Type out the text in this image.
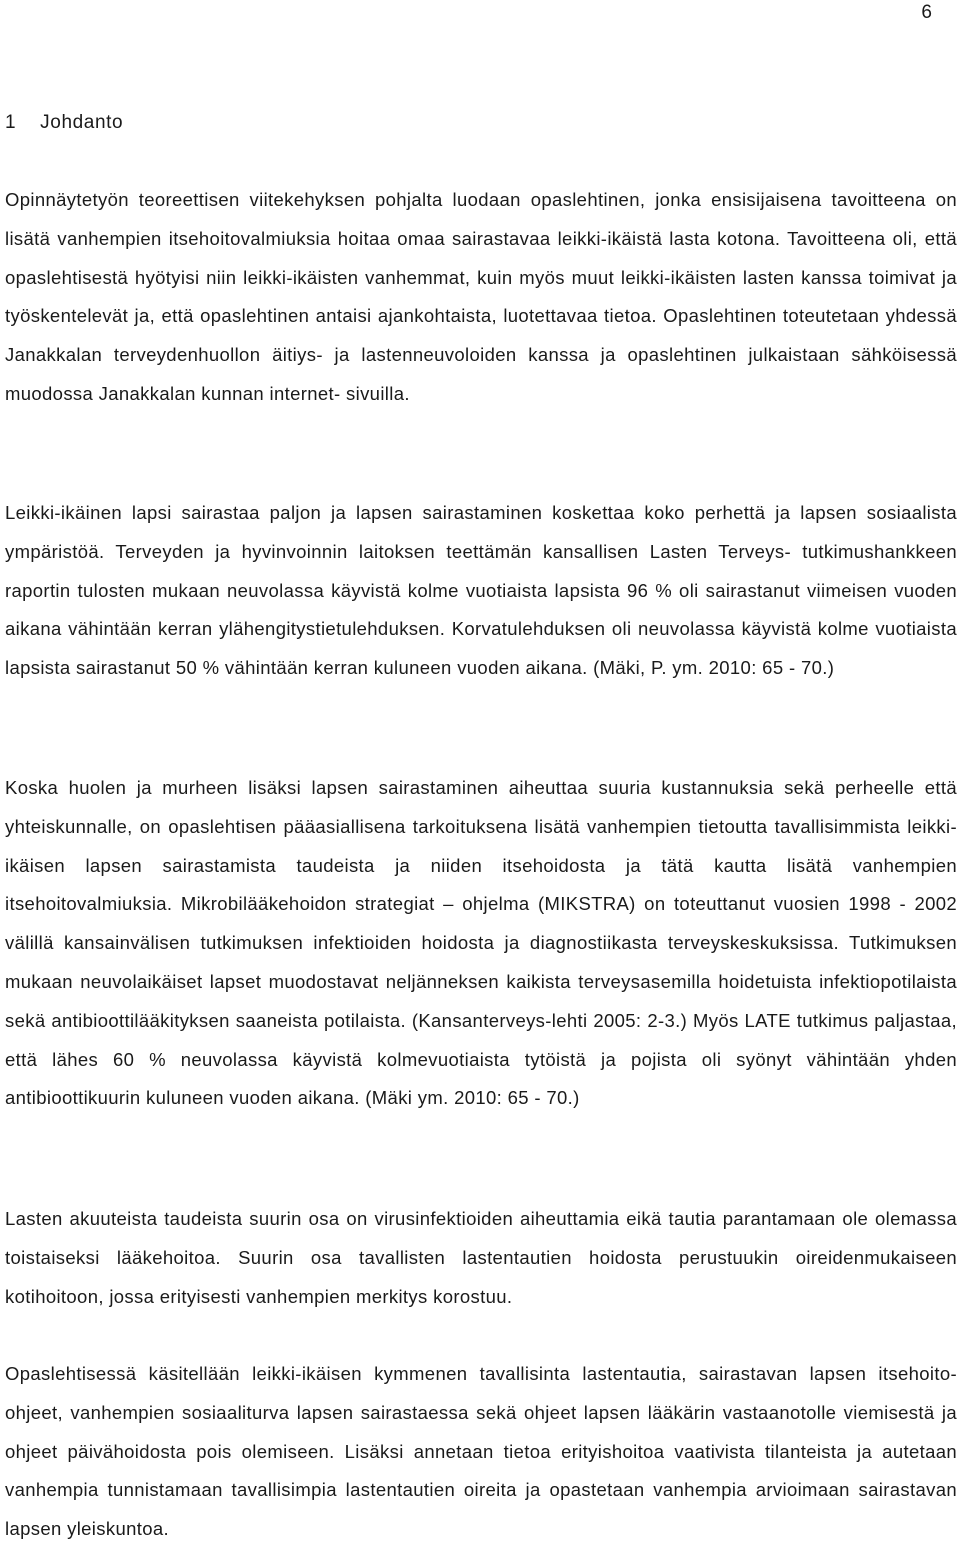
6
1 Johdanto

Opinnäytetyön teoreettisen viitekehyksen pohjalta luodaan opaslehtinen, jonka ensisijaisena tavoitteena on lisätä vanhempien itsehoitovalmiuksia hoitaa omaa sairastavaa leikki-ikäistä lasta kotona. Tavoitteena oli, että opaslehtisestä hyötyisi niin leikki-ikäisten vanhemmat, kuin myös muut leikki-ikäisten lasten kanssa toimivat ja työskentelevät ja, että opaslehtinen antaisi ajankohtaista, luotettavaa tietoa. Opaslehtinen toteutetaan yhdessä Janakkalan terveydenhuollon äitiys- ja lastenneuvoloiden kanssa ja opaslehtinen julkaistaan sähköisessä muodossa Janakkalan kunnan internet- sivuilla.

Leikki-ikäinen lapsi sairastaa paljon ja lapsen sairastaminen koskettaa koko perhettä ja lapsen sosiaalista ympäristöä. Terveyden ja hyvinvoinnin laitoksen teettämän kansallisen Lasten Terveys- tutkimushankkeen raportin tulosten mukaan neuvolassa käyvistä kolme vuotiaista lapsista 96 % oli sairastanut viimeisen vuoden aikana vähintään kerran ylähengitystietulehduksen. Korvatulehduksen oli neuvolassa käyvistä kolme vuotiaista lapsista sairastanut 50 % vähintään kerran kuluneen vuoden aikana. (Mäki, P. ym. 2010: 65 - 70.)

Koska huolen ja murheen lisäksi lapsen sairastaminen aiheuttaa suuria kustannuksia sekä perheelle että yhteiskunnalle, on opaslehtisen pääasiallisena tarkoituksena lisätä vanhempien tietoutta tavallisimmista leikki-ikäisen lapsen sairastamista taudeista ja niiden itsehoidosta ja tätä kautta lisätä vanhempien itsehoitovalmiuksia. Mikrobilääkehoidon strategiat – ohjelma (MIKSTRA) on toteuttanut vuosien 1998 - 2002 välillä kansainvälisen tutkimuksen infektioiden hoidosta ja diagnostiikasta terveyskeskuksissa. Tutkimuksen mukaan neuvolaikäiset lapset muodostavat neljänneksen kaikista terveysasemilla hoidetuista infektiopotilaista sekä antibioottilääkityksen saaneista potilaista. (Kansanterveys-lehti 2005: 2-3.) Myös LATE tutkimus paljastaa, että lähes 60 % neuvolassa käyvistä kolmevuotiaista tytöistä ja pojista oli syönyt vähintään yhden antibioottikuurin kuluneen vuoden aikana. (Mäki ym. 2010: 65 - 70.)

Lasten akuuteista taudeista suurin osa on virusinfektioiden aiheuttamia eikä tautia parantamaan ole olemassa toistaiseksi lääkehoitoa. Suurin osa tavallisten lastentautien hoidosta perustuukin oireidenmukaiseen kotihoitoon, jossa erityisesti vanhempien merkitys korostuu.

Opaslehtisessä käsitellään leikki-ikäisen kymmenen tavallisinta lastentautia, sairastavan lapsen itsehoito-ohjeet, vanhempien sosiaaliturva lapsen sairastaessa sekä ohjeet lapsen lääkärin vastaanotolle viemisestä ja ohjeet päivähoidosta pois olemiseen. Lisäksi annetaan tietoa erityishoitoa vaativista tilanteista ja autetaan vanhempia tunnistamaan tavallisimpia lastentautien oireita ja opastetaan vanhempia arvioimaan sairastavan lapsen yleiskuntoa.
